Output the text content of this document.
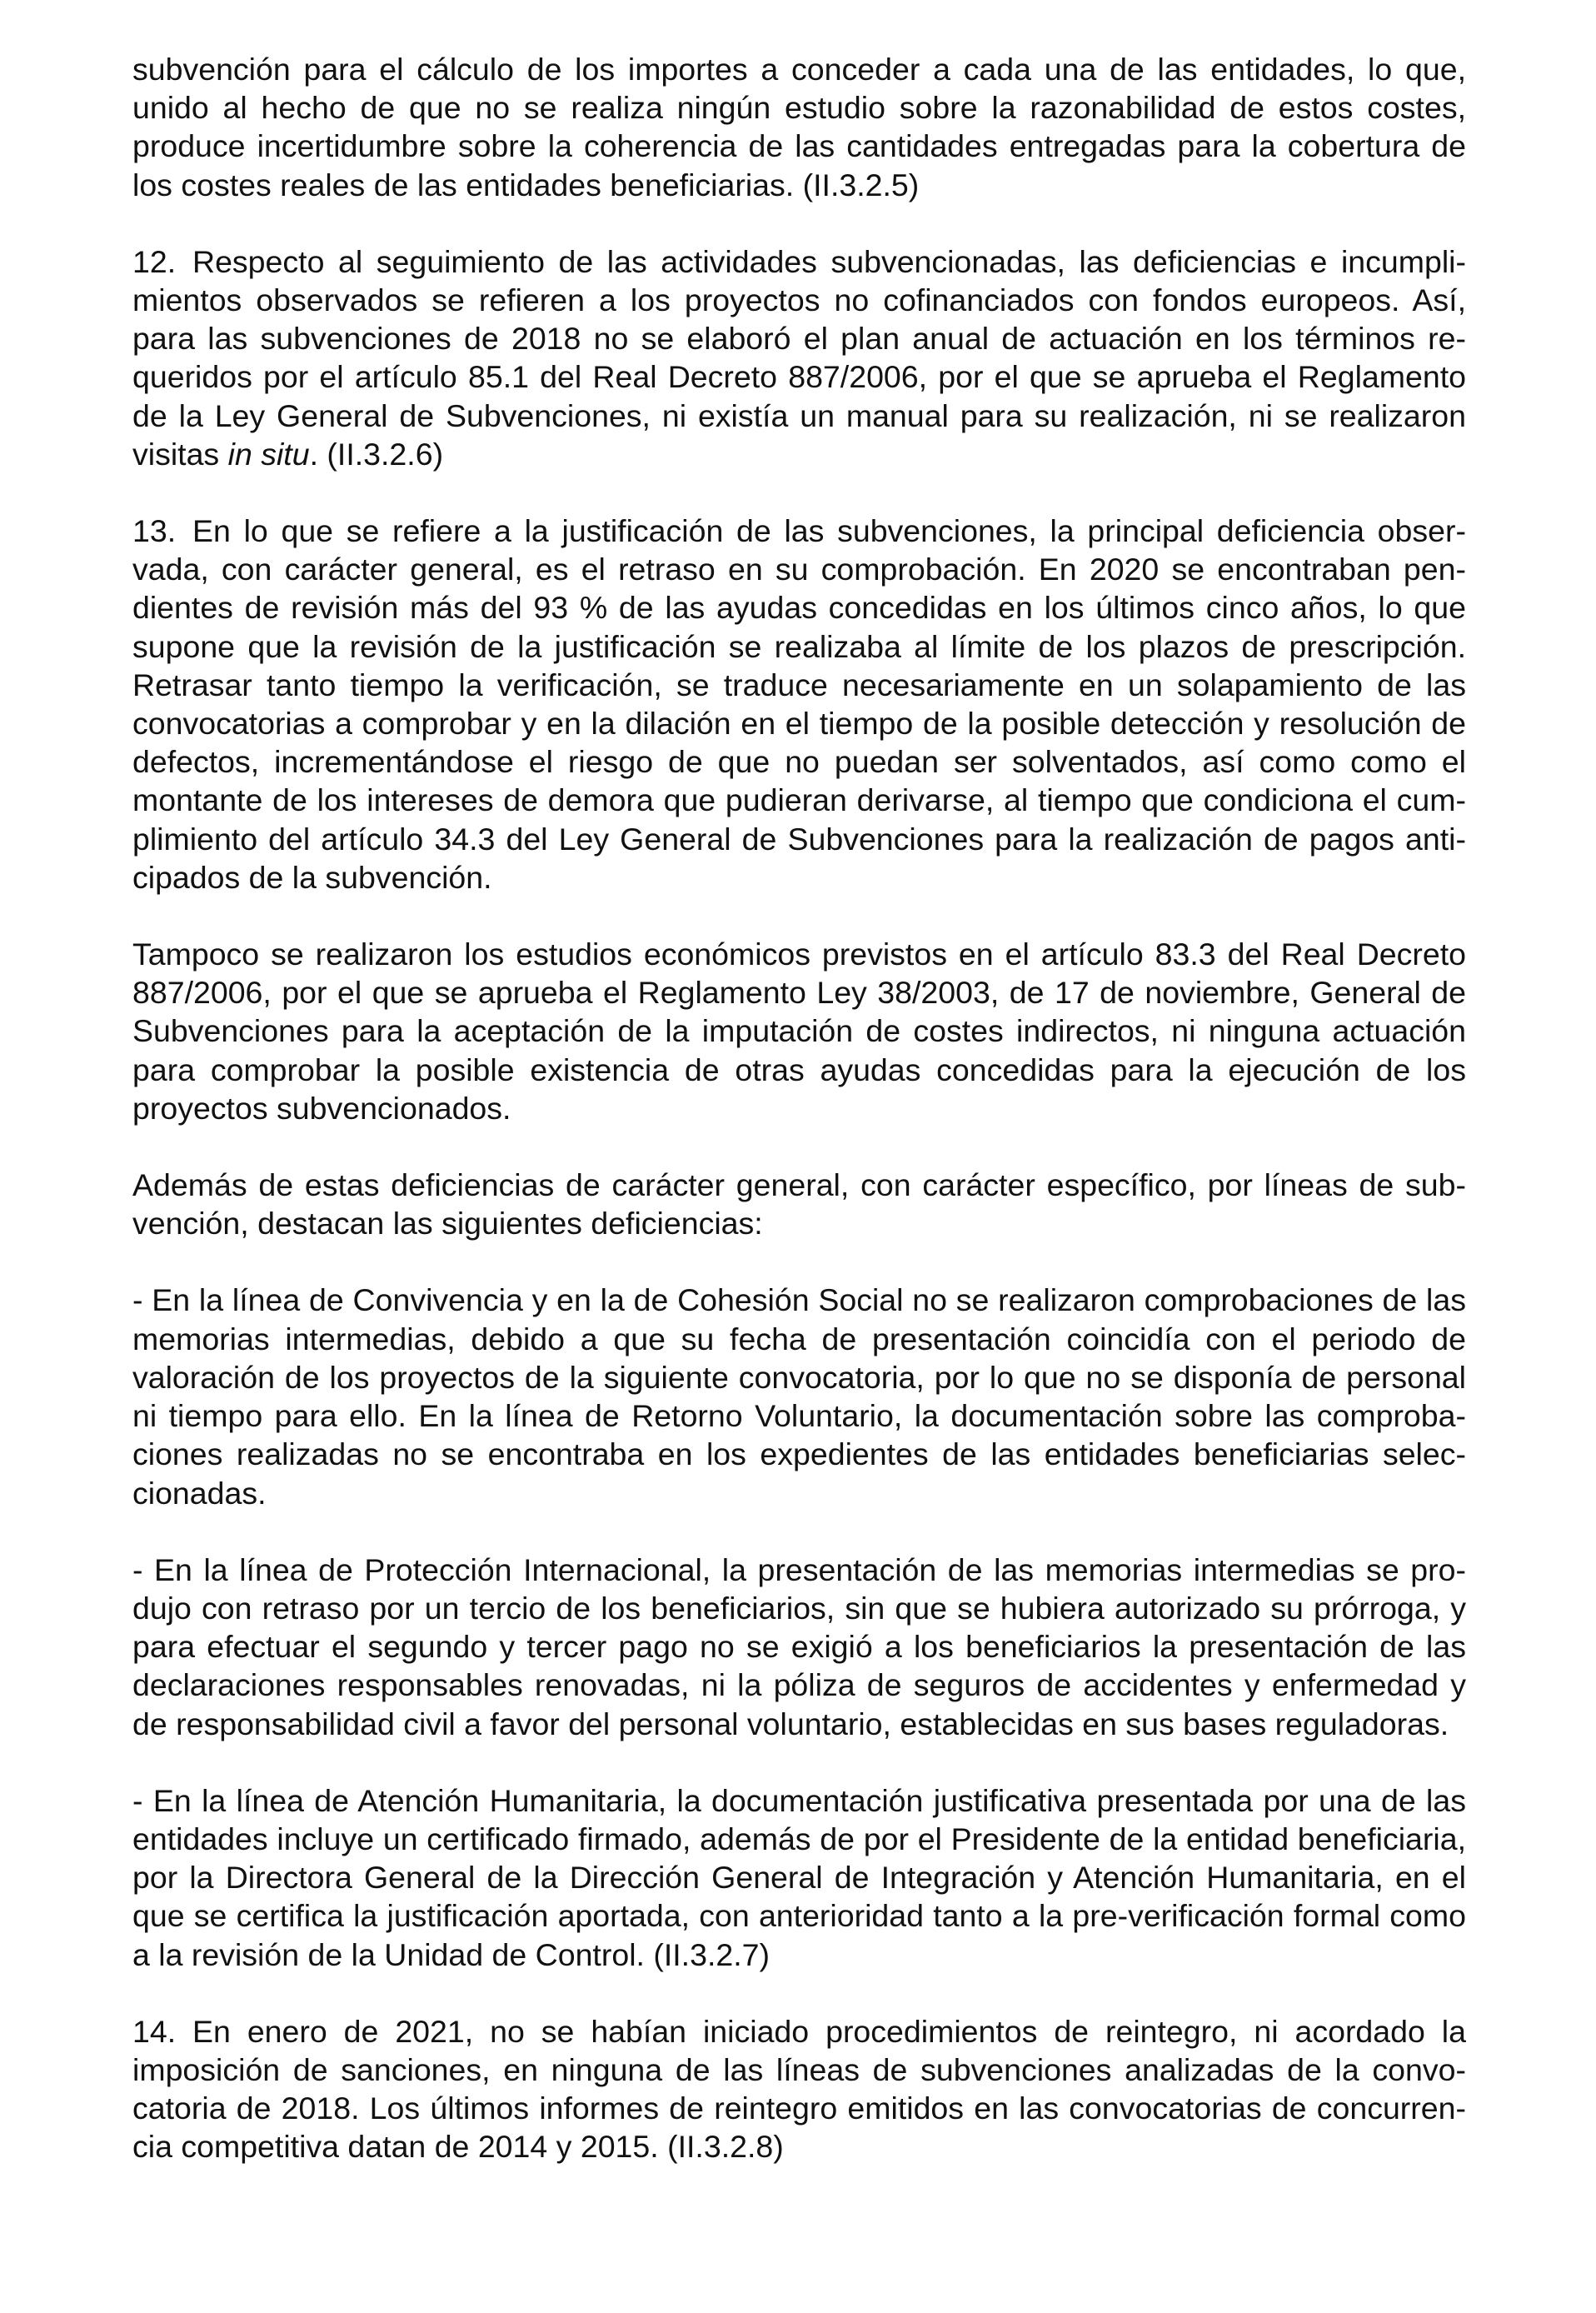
subvención para el cálculo de los importes a conceder a cada una de las entidades, lo que, unido al hecho de que no se realiza ningún estudio sobre la razonabilidad de estos costes, produce incertidumbre sobre la coherencia de las cantidades entregadas para la cobertura de los costes reales de las entidades beneficiarias. (II.3.2.5)

12. Respecto al seguimiento de las actividades subvencionadas, las deficiencias e incumplimientos observados se refieren a los proyectos no cofinanciados con fondos europeos. Así, para las subvenciones de 2018 no se elaboró el plan anual de actuación en los términos requeridos por el artículo 85.1 del Real Decreto 887/2006, por el que se aprueba el Reglamento de la Ley General de Subvenciones, ni existía un manual para su realización, ni se realizaron visitas in situ. (II.3.2.6)

13. En lo que se refiere a la justificación de las subvenciones, la principal deficiencia observada, con carácter general, es el retraso en su comprobación. En 2020 se encontraban pendientes de revisión más del 93 % de las ayudas concedidas en los últimos cinco años, lo que supone que la revisión de la justificación se realizaba al límite de los plazos de prescripción. Retrasar tanto tiempo la verificación, se traduce necesariamente en un solapamiento de las convocatorias a comprobar y en la dilación en el tiempo de la posible detección y resolución de defectos, incrementándose el riesgo de que no puedan ser solventados, así como como el montante de los intereses de demora que pudieran derivarse, al tiempo que condiciona el cumplimiento del artículo 34.3 del Ley General de Subvenciones para la realización de pagos anticipados de la subvención.

Tampoco se realizaron los estudios económicos previstos en el artículo 83.3 del Real Decreto 887/2006, por el que se aprueba el Reglamento Ley 38/2003, de 17 de noviembre, General de Subvenciones para la aceptación de la imputación de costes indirectos, ni ninguna actuación para comprobar la posible existencia de otras ayudas concedidas para la ejecución de los proyectos subvencionados.

Además de estas deficiencias de carácter general, con carácter específico, por líneas de subvención, destacan las siguientes deficiencias:

- En la línea de Convivencia y en la de Cohesión Social no se realizaron comprobaciones de las memorias intermedias, debido a que su fecha de presentación coincidía con el periodo de valoración de los proyectos de la siguiente convocatoria, por lo que no se disponía de personal ni tiempo para ello. En la línea de Retorno Voluntario, la documentación sobre las comprobaciones realizadas no se encontraba en los expedientes de las entidades beneficiarias seleccionadas.

- En la línea de Protección Internacional, la presentación de las memorias intermedias se produjo con retraso por un tercio de los beneficiarios, sin que se hubiera autorizado su prórroga, y para efectuar el segundo y tercer pago no se exigió a los beneficiarios la presentación de las declaraciones responsables renovadas, ni la póliza de seguros de accidentes y enfermedad y de responsabilidad civil a favor del personal voluntario, establecidas en sus bases reguladoras.

- En la línea de Atención Humanitaria, la documentación justificativa presentada por una de las entidades incluye un certificado firmado, además de por el Presidente de la entidad beneficiaria, por la Directora General de la Dirección General de Integración y Atención Humanitaria, en el que se certifica la justificación aportada, con anterioridad tanto a la pre-verificación formal como a la revisión de la Unidad de Control. (II.3.2.7)

14. En enero de 2021, no se habían iniciado procedimientos de reintegro, ni acordado la imposición de sanciones, en ninguna de las líneas de subvenciones analizadas de la convocatoria de 2018. Los últimos informes de reintegro emitidos en las convocatorias de concurrencia competitiva datan de 2014 y 2015. (II.3.2.8)
